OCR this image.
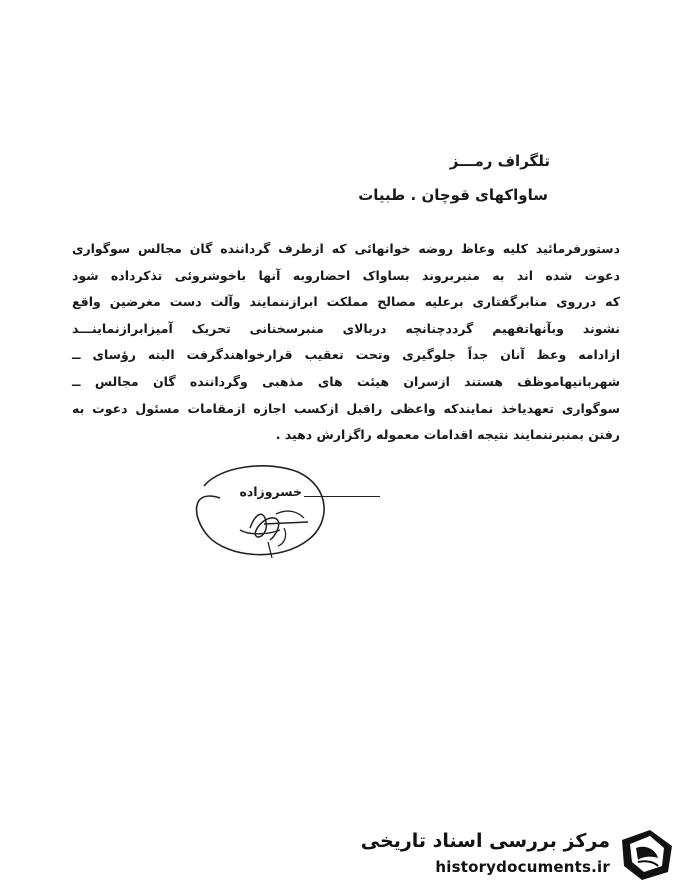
تلگراف رمـــز
ساواکهای قوچان . طبیات

دستورفرمائید کلیه وعاظ روضه خوانهائی که ازطرف گرداننده گان مجالس سوگواری

دعوت شده اند به منبربروند بساواک احضاروبه آنها باخوشروئی تذکرداده شود

که درروی منابرگفتاری برعلیه مصالح مملکت ابرازننمایند وآلت دست مغرضین واقع

نشوند وبآنهاتفهیم گرددچنانچه دربالای منبرسخنانی تحریک آمیزابرازنماینـــد

ازادامه وعظ آنان جداً جلوگیری وتحت تعقیب قرارخواهندگرفت البته رؤسای ــ

شهربانیهاموظف هستند ازسران هیئت های مذهبی وگرداننده گان مجالس ــ

سوگواری تعهدیاخذ نمایندکه واعظی راقبل ازکسب اجازه ازمقامات مسئول دعوت به

رفتن بمنبرننمایند نتیجه اقدامات معموله راگزارش دهید .

خسروزاده
مرکز بررسی اسناد تاریخی
historydocuments.ir
